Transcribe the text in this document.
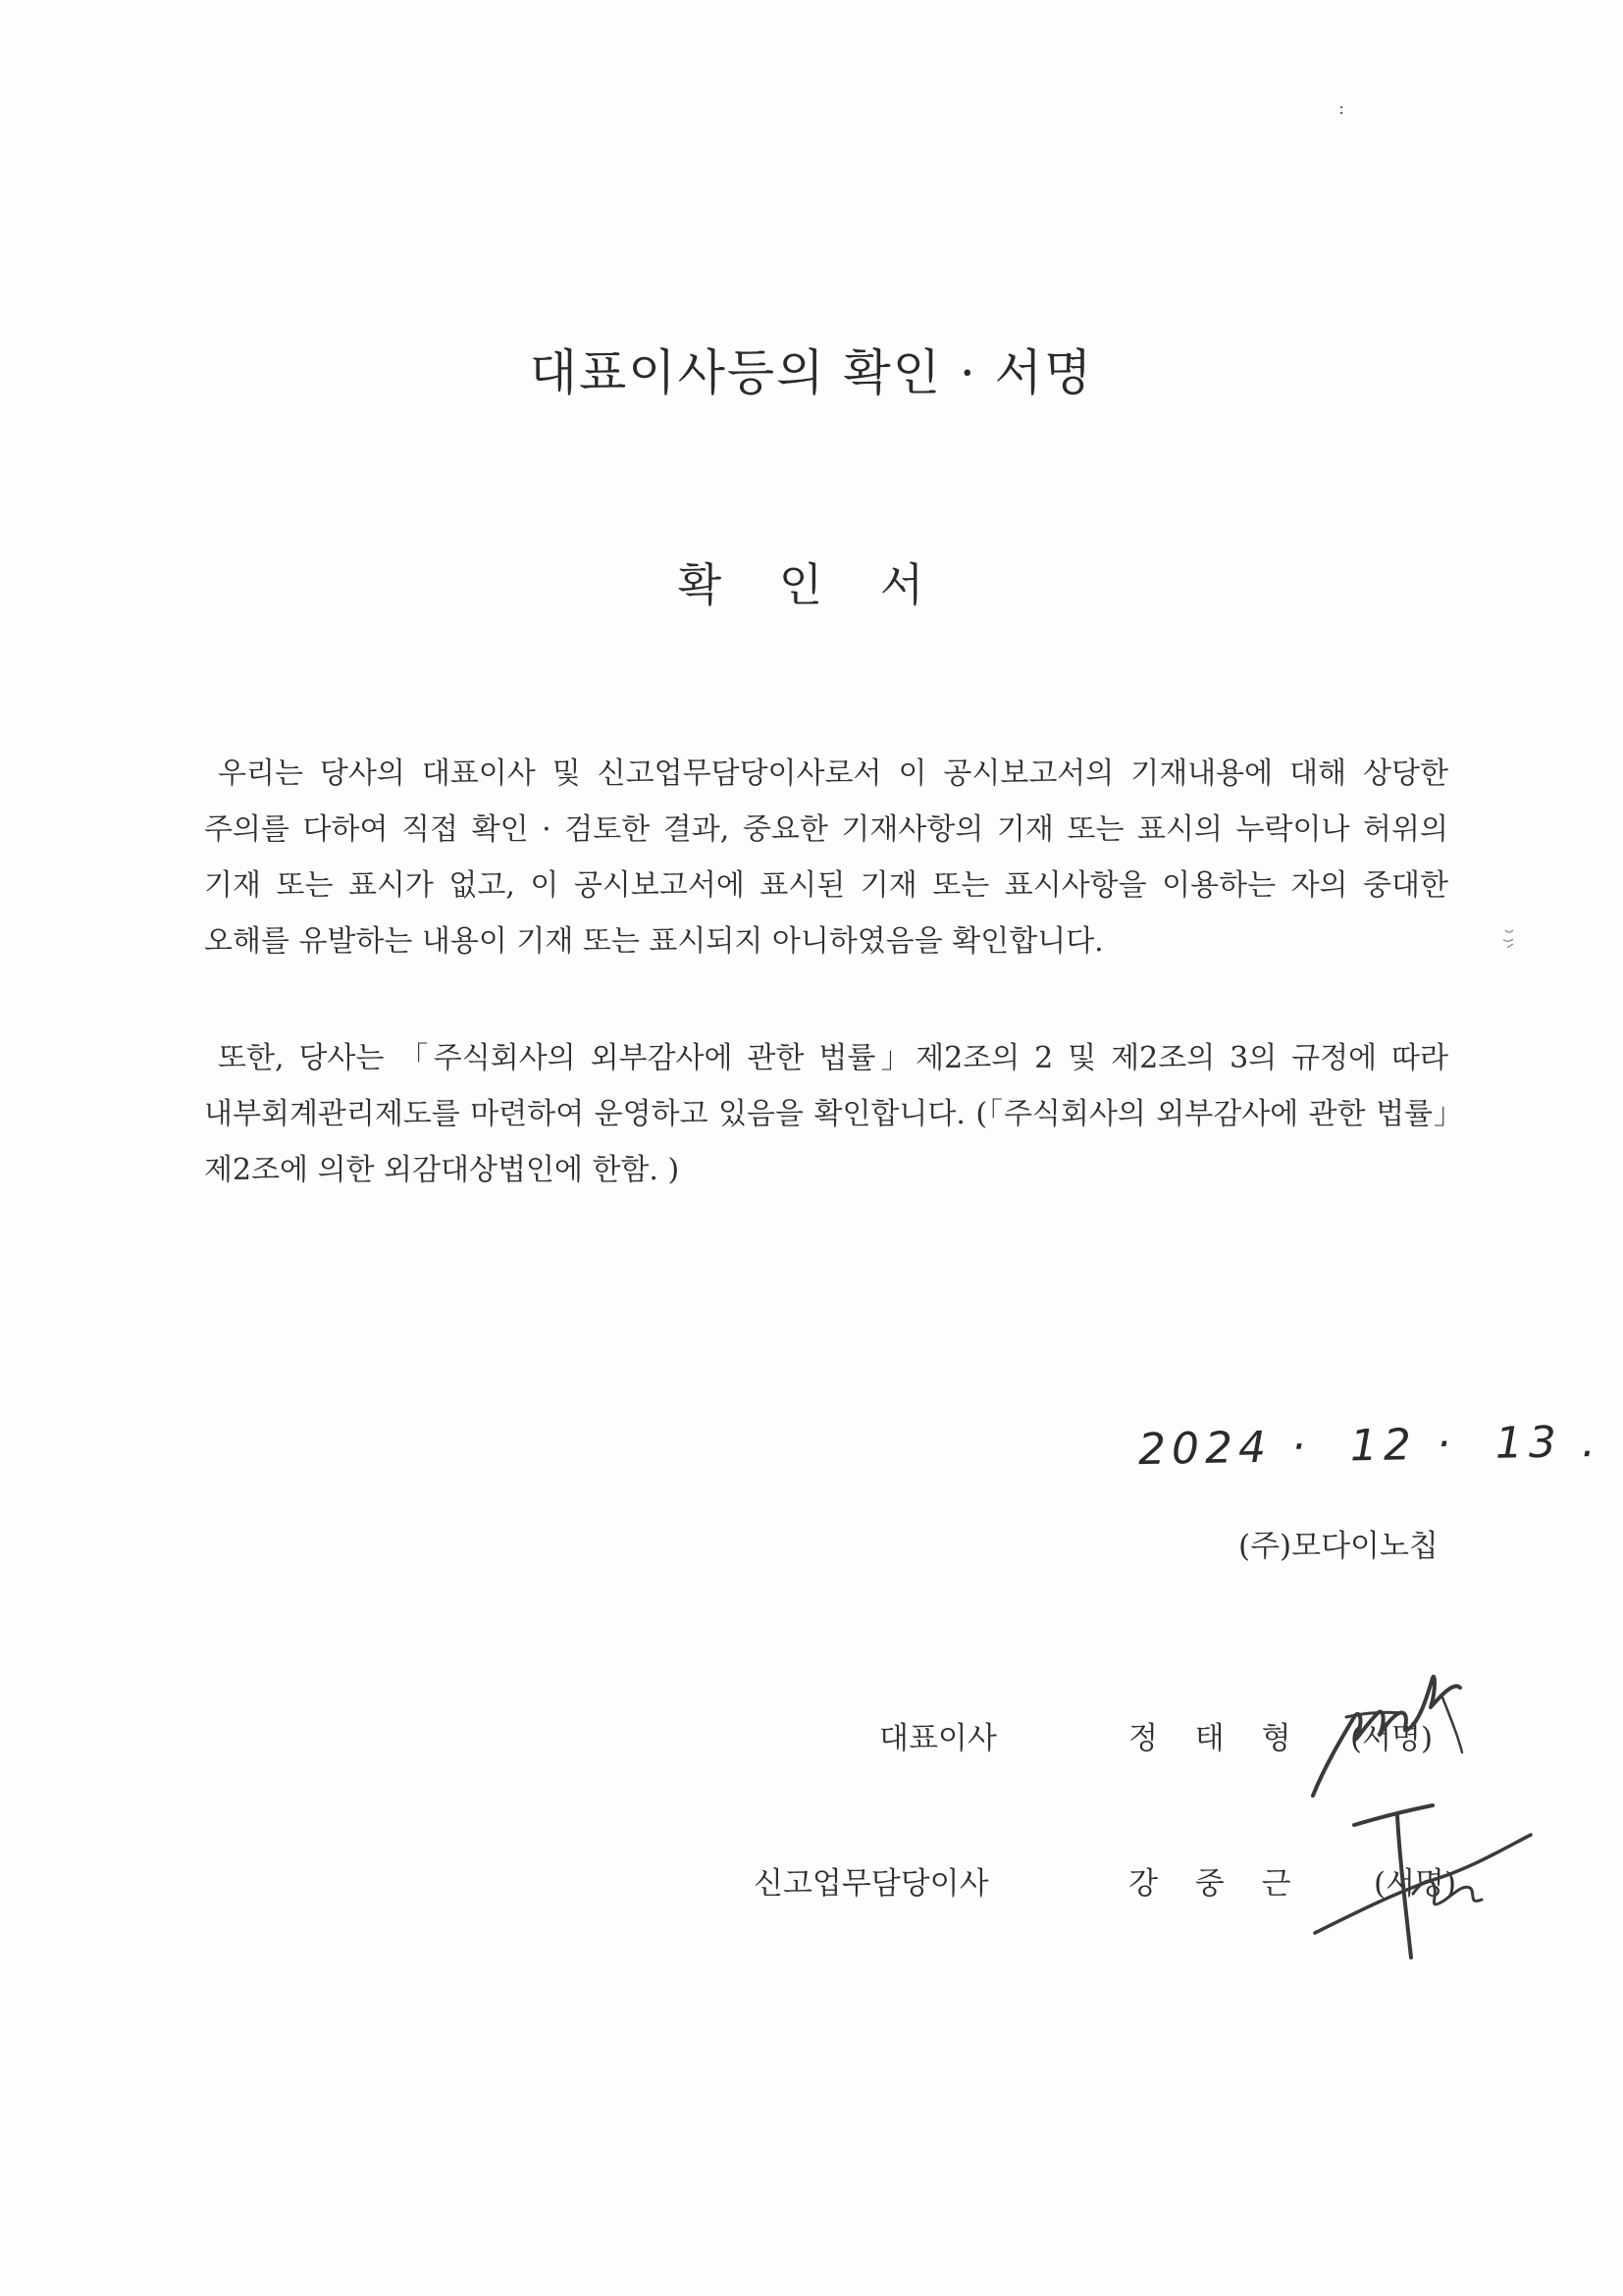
:
대표이사등의 확인 · 서명
확 인 서
우리는 당사의 대표이사 및 신고업무담당이사로서 이 공시보고서의 기재내용에 대해 상당한 주의를 다하여 직접 확인 · 검토한 결과, 중요한 기재사항의 기재 또는 표시의 누락이나 허위의 기재 또는 표시가 없고, 이 공시보고서에 표시된 기재 또는 표시사항을 이용하는 자의 중대한 오해를 유발하는 내용이 기재 또는 표시되지 아니하였음을 확인합니다.
또한, 당사는 「주식회사의 외부감사에 관한 법률」제2조의 2 및 제2조의 3의 규정에 따라 내부회계관리제도를 마련하여 운영하고 있음을 확인합니다. (「주식회사의 외부감사에 관한 법률」제2조에 의한 외감대상법인에 한함. )
2024 ·  12 ·  13 .
(주)모다이노칩
대표이사	정 태 형 (서명)
신고업무담당이사	강 중 근 (서명)
